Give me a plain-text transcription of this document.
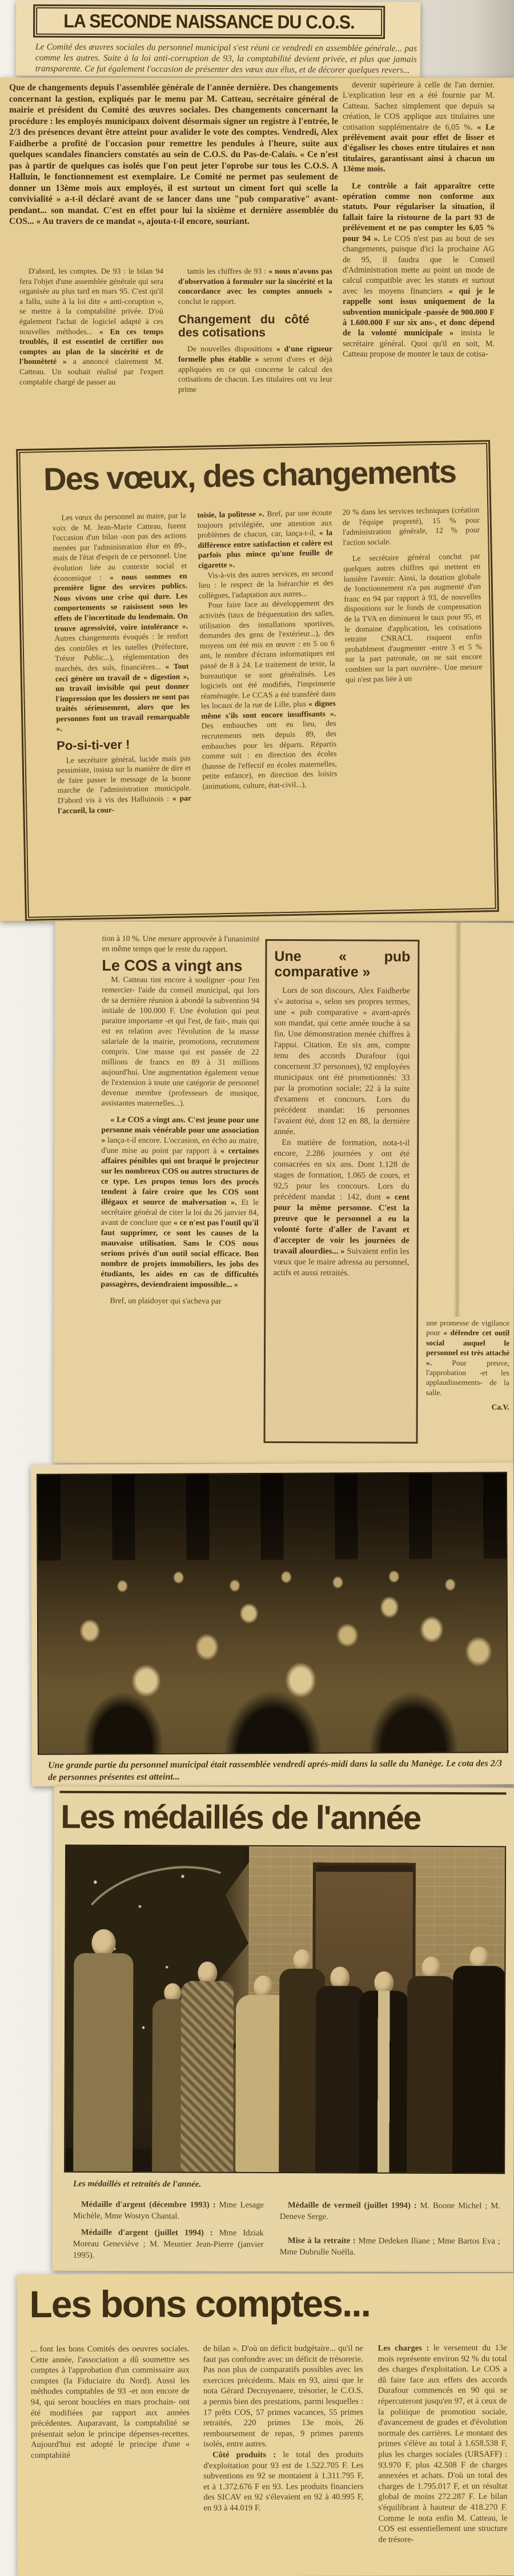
LA SECONDE NAISSANCE DU C.O.S.

Le Comité des œuvres sociales du personnel municipal s'est réuni ce vendredi en assemblée générale... pas comme les autres. Suite à la loi anti-corruption de 93, la comptabilité devient privée, et plus que jamais transparente. Ce fut également l'occasion de présenter des vœux aux élus, et de décorer quelques revers...

Que de changements depuis l'assemblée générale de l'année dernière. Des changements concernant la gestion, expliqués par le menu par M. Catteau, secrétaire général de mairie et président du Comité des œuvres sociales. Des changements concernant la procédure : les employés municipaux doivent désormais signer un registre à l'entrée, le 2/3 des présences devant être atteint pour avalider le vote des comptes. Vendredi, Alex Faidherbe a profité de l'occasion pour remettre les pendules à l'heure, suite aux quelques scandales financiers constatés au sein de C.O.S. du Pas-de-Calais. « Ce n'est pas à partir de quelques cas isolés que l'on peut jeter l'oprobe sur tous les C.O.S. A Halluin, le fonctionnement est exemplaire. Le Comité ne permet pas seulement de donner un 13ème mois aux employés, il est surtout un ciment fort qui scelle la convivialité » a-t-il déclaré avant de se lancer dans une "pub comparative" avant-pendant... son mandat. C'est en effet pour lui la sixième et dernière assemblée du COS... « Au travers de ce mandat », ajouta-t-il encore, souriant.

devenir supérieure à celle de l'an dernier. L'explication leur en a été fournie par M. Catteau. Sachez simplement que depuis sa création, le COS applique aux titulaires une cotisation supplémentaire de 6,05 %. « Le prélévement avait pour effet de lisser et d'égaliser les choses entre titulaires et non titulaires, garantissant ainsi à chacun un 13ème mois.

Le contrôle a fait apparaître cette opération comme non conforme aux statuts. Pour régulariser la situation, il fallait faire la ristourne de la part 93 de prélévement et ne pas compter les 6,05 % pour 94 ». Le COS n'est pas au bout de ses changements, puisque d'ici la prochaine AG de 95, il faudra que le Conseil d'Administration mette au point un mode de calcul compatible avec les statuts et surtout avec les moyens financiers « qui je le rappelle sont issus uniquement de la subvention municipale -passée de 900.000 F à 1.600.000 F sur six ans-, et donc dépend de la volonté municipale » insista le secrétaire général. Quoi qu'il en soit, M. Catteau propose de monter le taux de cotisa-

D'abord, les comptes. De 93 : le bilan 94 fera l'objet d'une assemblée générale qui sera organisée au plus tard en mars 95. C'est qu'il a fallu, suite à la loi dite « anti-coruption », se mettre à la comptabilité privée. D'où également l'achat de logiciel adapté à ces nouvelles méthodes... « En ces temps troublés, il est essentiel de certifier nos comptes au plan de la sincérité et de l'honnêteté » a annoncé clairement M. Catteau. Un souhait réalisé par l'expert comptable chargé de passer au

tamis les chiffres de 93 : « nous n'avons pas d'observation à formuler sur la sincérité et la concordance avec les comptes annuels » conclut le rapport.

Changement du côté des cotisations

De nouvelles dispositions « d'une rigueur formelle plus établie » seront d'ores et déjà appliquées en ce qui concerne le calcul des cotisations de chacun. Les titulaires ont vu leur prime

Des vœux, des changements

Les vœux du personnel au maire, par la voix de M. Jean-Marie Catteau, furent l'occasion d'un bilan -non pas des actions menées par l'administration élue en 89-, mais de l'état d'esprit de ce personnel. Une évolution liée au contexte social et économique : « nous sommes en première ligne des services publics. Nous vivons une crise qui dure. Les comportements se raisissent sous les effets de l'incertitude du lendemain. On trouve agressivité, voire intolérance ». Autres changements évoqués : le renfort des contrôles et les tutelles (Préfecture, Trésor Public...), réglementation des marchés, des sols, financières... « Tout ceci génère un travail de « digestion », un travail invisible qui peut donner l'impression que les dossiers ne sont pas traités sérieusement, alors que les personnes font un travail remarquable ».

Po-si-ti-ver !

Le secrétaire général, lucide mais pas pessimiste, insista sur la manière de dire et de faire passer le message de la bonne marche de l'administration municipale. D'abord vis à vis des Halluinois : « par l'accueil, la cour-

toisie, la politesse ». Bref, par une écoute toujours privilégiée, une attention aux problèmes de chacun, car, lança-t-il, « la différence entre satisfaction et colère est parfois plus mince qu'une feuille de cigarette ».

Vis-à-vis des autres services, en second lieu : le respect de la hiérarchie et des collègues, l'adaptation aux autres...

Pour faire face au développement des activités (taux de fréquentation des salles, utilisation des installations sportives, demandes des gens de l'extérieur...), des moyens ont été mis en œuvre : en 5 ou 6 ans, le nombre d'écrans informatiques est passé de 8 à 24. Le traitement de texte, la bureautique se sont généralisés. Les logiciels ont été modifiés, l'imprimerie réaménagée. Le CCAS a été transféré dans les locaux de la rue de Lille, plus « dignes même s'ils sont encore insuffisants ». Des embauches ont eu lieu, des recrutements nets depuis 89, des embauches pour les départs. Répartis comme suit : en direction des écoles (hausse de l'effectif en écoles maternelles, petite enfance), en direction des loisirs (animations, culture, état-civil...),

20 % dans les services techniques (création de l'équipe propreté), 15 % pour l'administration générale, 12 % pour l'action sociale.

Le secrétaire général conclut par quelques autres chiffres qui mettent en lumière l'avenir: Ainsi, la dotation globale de fonctionnement n'a pas augmenté d'un franc en 94 par rapport à 93, de nouvelles dispositions sur le fonds de compensation de la TVA en diminuent le taux pour 95, et le domaine d'application, les cotisations retraite CNRACL risquent enfin probablment d'augmenter -entre 3 et 5 % sur la part patronale, on ne sait encore combien sur la part ouvrière-. Une mesure qui n'est pas liée à un

tion à 10 %. Une mesure approuvée à l'unanimité en même temps que le reste du rapport.

Le COS a vingt ans

M. Catteau tint encore à souligner -pour l'en remercier- l'aide du conseil municipal, qui lors de sa dernière réunion à abondé la subvention 94 initiale de 100.000 F. Une évolution qui peut paraitre importante -et qui l'est, de fait-, mais qui est en relation avec l'évolution de la masse salariale de la mairie, promotions, recrutement compris. Une masse qui est passée de 22 millions de francs en 89 à 31 millions aujourd'hui. Une augmentation également venue de l'extension à toute une catégorie de personnel devenue membre (professeurs de musique, assistantes maternelles...).

« Le COS a vingt ans. C'est jeune pour une personne mais vénérable pour une association » lança-t-il encore. L'occasion, en écho au maire, d'une mise au point par rapport à « certaines affaires pénibles qui ont braqué le projecteur sur les nombreux COS ou autres structures de ce type. Les propos tenus lors des procés tendent à faire croire que les COS sont illégaux et source de malversation ». Et le secrétaire général de citer la loi du 26 janvier 84, avant de conclure que « ce n'est pas l'outil qu'il faut supprimer, ce sont les causes de la mauvaise utilisation. Sans le COS nous serions privés d'un outil social efficace. Bon nombre de projets immobiliers, les jobs des étudiants, les aides en cas de difficultés passagères, deviendraient impossible... »

Bref, un plaidoyer qui s'acheva par

Une « pub comparative »

Lors de son discours, Alex Faidherbe s'« autorisa », selon ses propres termes, une « pub comparative » avant-aprés son mandat, qui cette année touche à sa fin. Une démonstration menée chiffres à l'appui. Citation. En six ans, compte tenu des accords Durafour (qui concernent 37 personnes), 92 employées municipaux ont été promotionnés: 33 par la promotion sociale; 22 à la suite d'examens et concours. Lors du précédent mandat: 16 personnes l'avaient été, dont 12 en 88, la dernière année.

En matière de formation, nota-t-il encore, 2.286 journées y ont été consacrées en six ans. Dont 1.128 de stages de formation, 1.065 de cours, et 92,5 pour les concours. Lors du précédent mandat : 142, dont « cent pour la même personne. C'est la preuve que le personnel a eu la volonté forte d'aller de l'avant et d'accepter de voir les journées de travail alourdies... » Suivaient enfin les vœux que le maire adressa au personnel, actifs et aussi retraités.

une promesse de vigilance pour « défendre cet outil social auquel le personnel est très attaché ». Pour preuve, l'approbation -et les applaudissements- de la salle.

Ca.V.

Une grande partie du personnel municipal était rassemblée vendredi aprés-midi dans la salle du Manège. Le cota des 2/3 de personnes présentes est atteint...

Les médaillés de l'année

Les médaillés et retraités de l'année.

Médaille d'argent (décembre 1993) : Mme Lesage Michèle, Mme Wostyn Chantal.

Médaille d'argent (juillet 1994) : Mme Idziak Moreau Geneviève ; M. Meunier Jean-Pierre (janvier 1995).

Médaille de vermeil (juillet 1994) : M. Boone Michel ; M. Deneve Serge.

Mise à la retraite : Mme Dedeken Iliane ; Mme Bartos Eva ; Mme Dubrulle Noëlla.

Les bons comptes...

... font les bons Comités des oeuvres sociales. Cette année, l'association a dû soumettre ses comptes à l'approbation d'un commissaire aux comptes (la Fiduciaire du Nord). Aussi les méthodes comptables de 93 -et non encore de 94, qui seront bouclées en mars prochain- ont été modifiées par rapport aux années précédentes. Auparavant, la comptabilité se présentait selon le principe dépenses-recettes. Aujourd'hui est adopté le principe d'une « comptabiité

de bilan ». D'où un déficit budgétaire... qu'il ne faut pas confondre avec un déficit de trésorerie. Pas non plus de comparatifs possibles avec les exercices précédents. Mais en 93, ainsi que le nota Gérard Decruyenaere, trésorier, le C.O.S. a permis bien des prestations, parmi lesquelles : 17 prêts COS, 57 primes vacances, 55 primes retraités, 220 primes 13e mois, 26 remboursement de repas, 9 primes parents isolés, entre autres.

Côté produits : le total des produits d'exploitation pour 93 est de 1.522.705 F. Les subventions en 92 se montaient à 1.311.795 F, et à 1.372.676 F en 93. Les produits financiers des SICAV en 92 s'élevaient en 92 à 40.995 F, en 93 à 44.019 F.

Les charges : le versement du 13e mois représente environ 92 % du total des charges d'exploitation. Le COS a dû faire face aux effets des accords Durafour commencés en 90 qui se répercuteront jusqu'en 97, et à ceux de la politique de promotion sociale, d'avancement de grades et d'évolution normale des carrières. Le montant des primes s'élève au total à 1.658.538 F, plus les charges sociales (URSAFF) : 93.970 F, plus 42.508 F de charges annexées et achats. D'où un total des charges de 1.795.017 F, et un résultat global de moins 272.287 F. Le bilan s'équilibrant à hauteur de 418.270 F. Comme le nota enfin M. Catteau, le COS est essentiellement une structure de trésore-
